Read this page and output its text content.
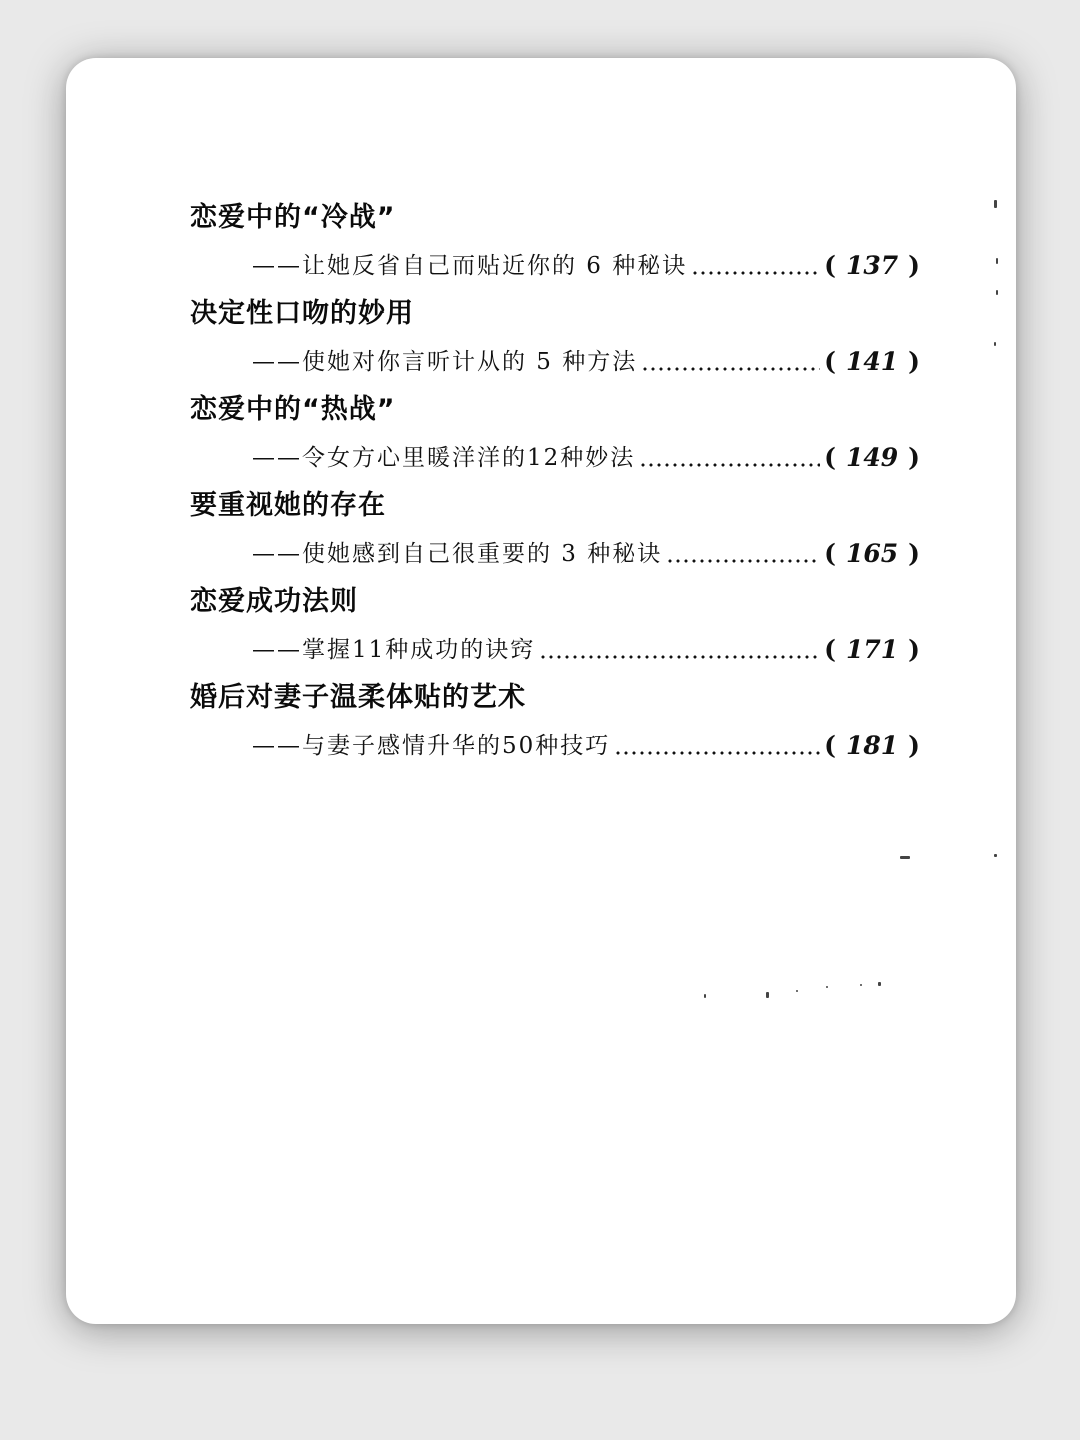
恋爱中的“冷战”
——让她反省自己而贴近你的 6 种秘诀	( 137 )
决定性口吻的妙用
——使她对你言听计从的 5 种方法	( 141 )
恋爱中的“热战”
——令女方心里暖洋洋的12种妙法	( 149 )
要重视她的存在
——使她感到自己很重要的 3 种秘诀	( 165 )
恋爱成功法则
——掌握11种成功的诀窍	( 171 )
婚后对妻子温柔体贴的艺术
——与妻子感情升华的50种技巧	( 181 )
